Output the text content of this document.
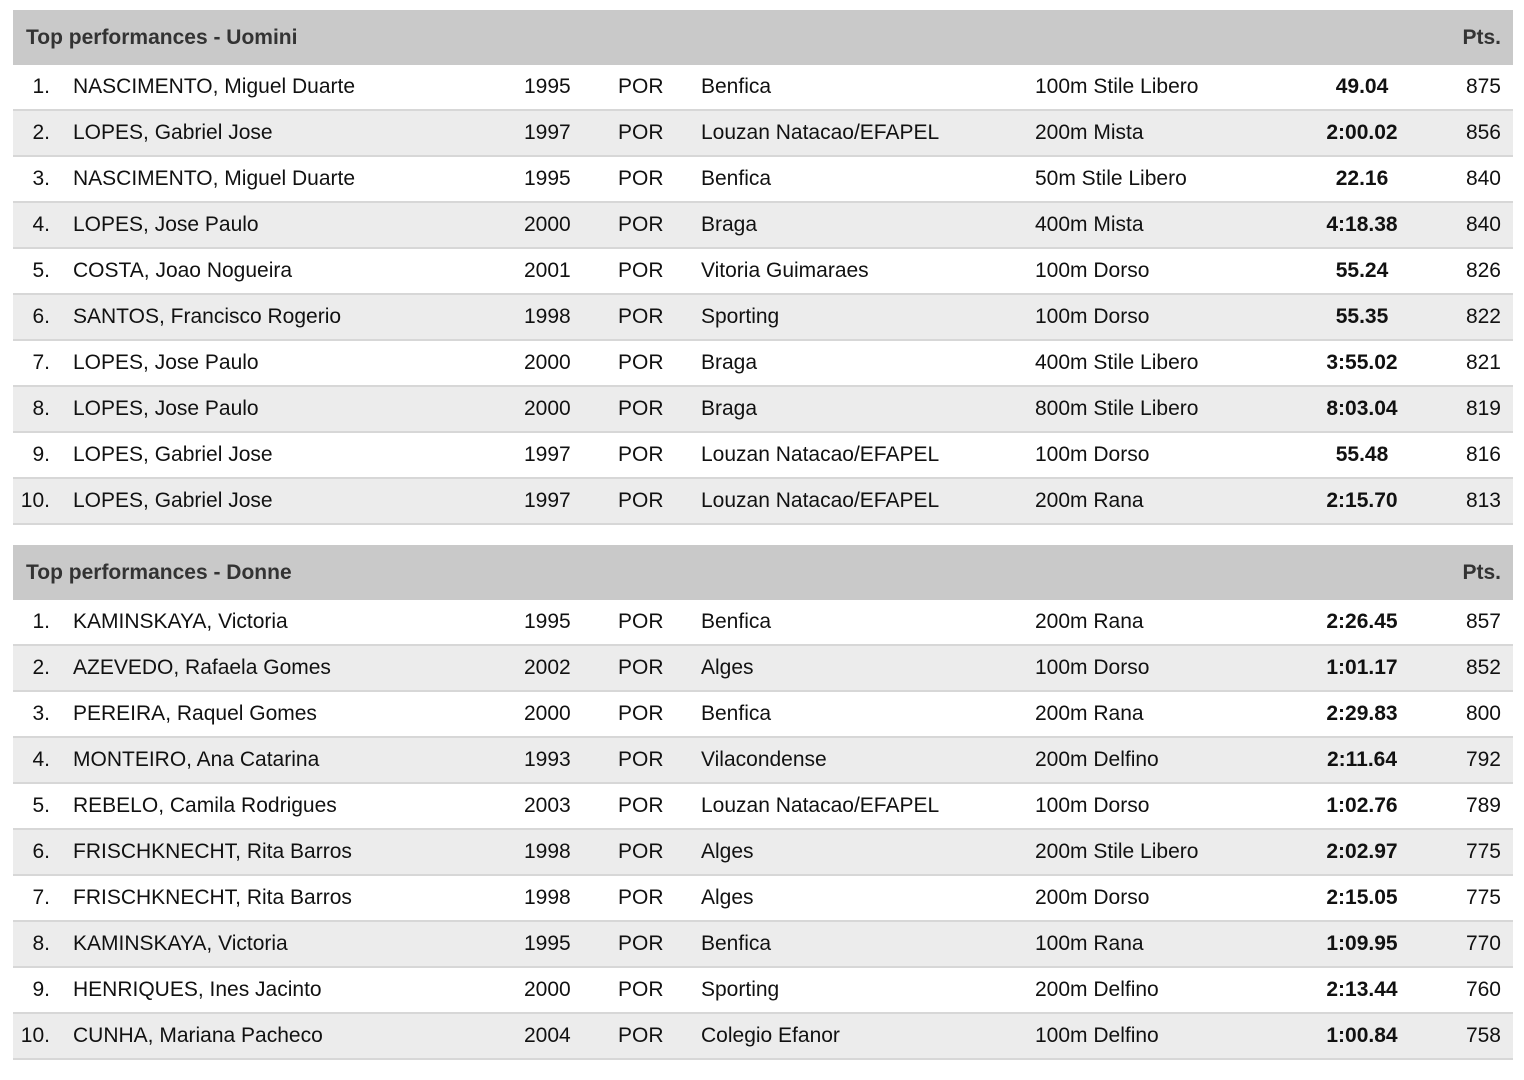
Top performances - Uomini	Pts.
1.	NASCIMENTO, Miguel Duarte	1995	POR	Benfica	100m Stile Libero	49.04	875
2.	LOPES, Gabriel Jose	1997	POR	Louzan Natacao/EFAPEL	200m Mista	2:00.02	856
3.	NASCIMENTO, Miguel Duarte	1995	POR	Benfica	50m Stile Libero	22.16	840
4.	LOPES, Jose Paulo	2000	POR	Braga	400m Mista	4:18.38	840
5.	COSTA, Joao Nogueira	2001	POR	Vitoria Guimaraes	100m Dorso	55.24	826
6.	SANTOS, Francisco Rogerio	1998	POR	Sporting	100m Dorso	55.35	822
7.	LOPES, Jose Paulo	2000	POR	Braga	400m Stile Libero	3:55.02	821
8.	LOPES, Jose Paulo	2000	POR	Braga	800m Stile Libero	8:03.04	819
9.	LOPES, Gabriel Jose	1997	POR	Louzan Natacao/EFAPEL	100m Dorso	55.48	816
10.	LOPES, Gabriel Jose	1997	POR	Louzan Natacao/EFAPEL	200m Rana	2:15.70	813
Top performances - Donne	Pts.
1.	KAMINSKAYA, Victoria	1995	POR	Benfica	200m Rana	2:26.45	857
2.	AZEVEDO, Rafaela Gomes	2002	POR	Alges	100m Dorso	1:01.17	852
3.	PEREIRA, Raquel Gomes	2000	POR	Benfica	200m Rana	2:29.83	800
4.	MONTEIRO, Ana Catarina	1993	POR	Vilacondense	200m Delfino	2:11.64	792
5.	REBELO, Camila Rodrigues	2003	POR	Louzan Natacao/EFAPEL	100m Dorso	1:02.76	789
6.	FRISCHKNECHT, Rita Barros	1998	POR	Alges	200m Stile Libero	2:02.97	775
7.	FRISCHKNECHT, Rita Barros	1998	POR	Alges	200m Dorso	2:15.05	775
8.	KAMINSKAYA, Victoria	1995	POR	Benfica	100m Rana	1:09.95	770
9.	HENRIQUES, Ines Jacinto	2000	POR	Sporting	200m Delfino	2:13.44	760
10.	CUNHA, Mariana Pacheco	2004	POR	Colegio Efanor	100m Delfino	1:00.84	758
